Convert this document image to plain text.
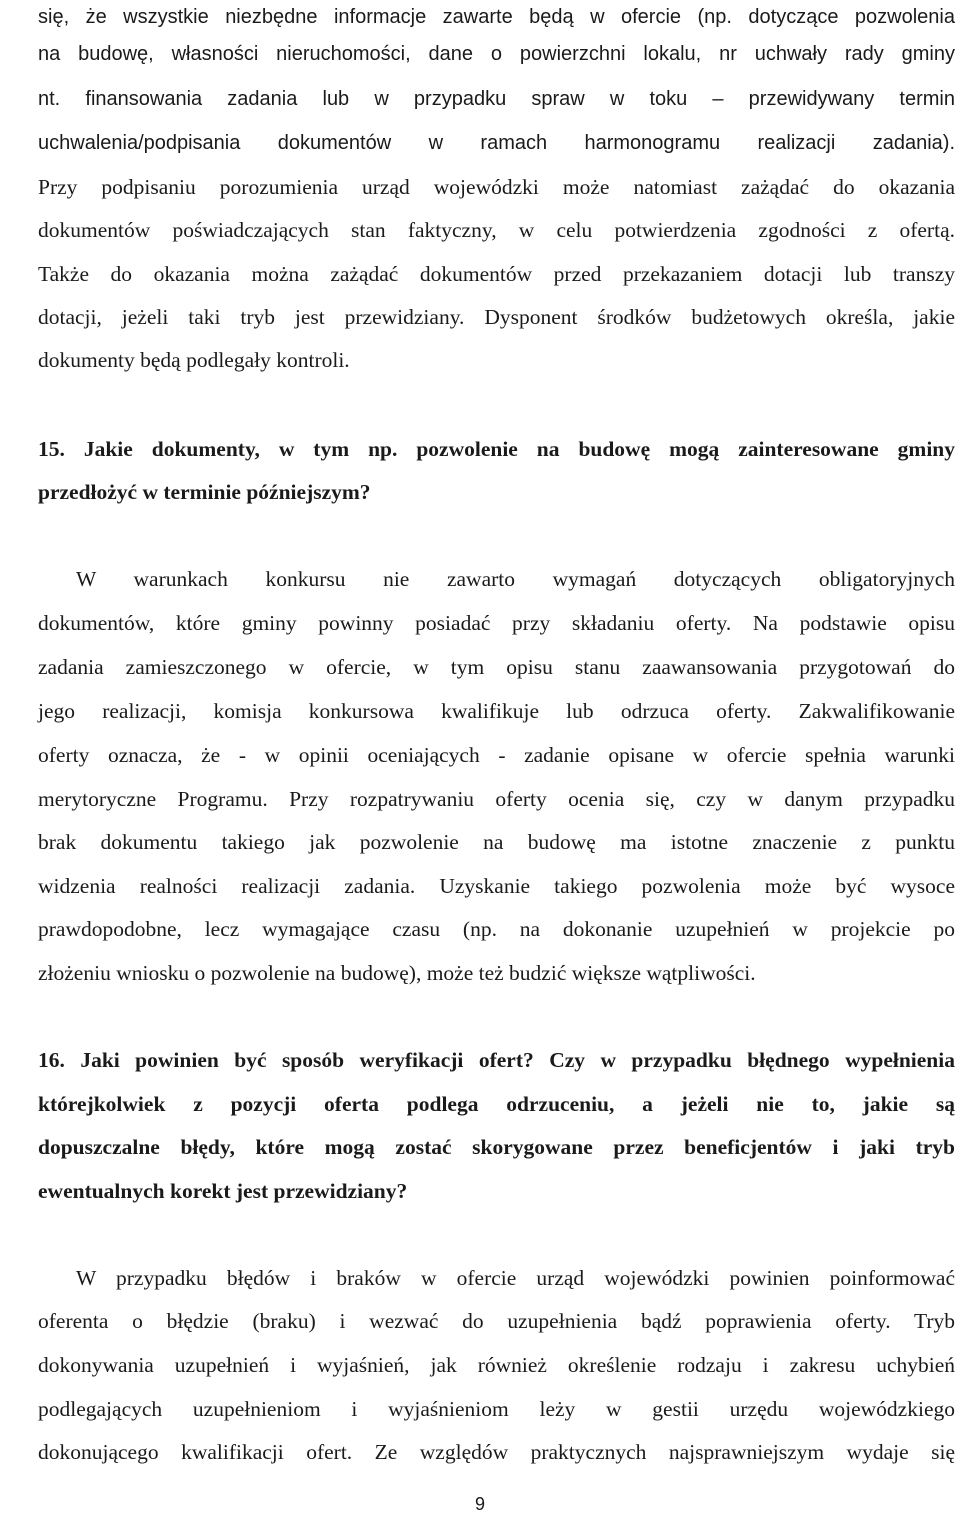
się, że wszystkie niezbędne informacje zawarte będą w ofercie (np. dotyczące pozwolenia
na budowę, własności nieruchomości, dane o powierzchni lokalu, nr uchwały rady gminy
nt. finansowania zadania lub w przypadku spraw w toku – przewidywany termin
uchwalenia/podpisania dokumentów w ramach harmonogramu realizacji zadania).
Przy podpisaniu porozumienia urząd wojewódzki może natomiast zażądać do okazania
dokumentów poświadczających stan faktyczny, w celu potwierdzenia zgodności z ofertą.
Także do okazania można zażądać dokumentów przed przekazaniem dotacji lub transzy
dotacji, jeżeli taki tryb jest przewidziany. Dysponent środków budżetowych określa, jakie
dokumenty będą podlegały kontroli.
15. Jakie dokumenty, w tym np. pozwolenie na budowę mogą zainteresowane gminy
przedłożyć w terminie późniejszym?
W warunkach konkursu nie zawarto wymagań dotyczących obligatoryjnych
dokumentów, które gminy powinny posiadać przy składaniu oferty. Na podstawie opisu
zadania zamieszczonego w ofercie, w tym opisu stanu zaawansowania przygotowań do
jego realizacji, komisja konkursowa kwalifikuje lub odrzuca oferty. Zakwalifikowanie
oferty oznacza, że - w opinii oceniających - zadanie opisane w ofercie spełnia warunki
merytoryczne Programu. Przy rozpatrywaniu oferty ocenia się, czy w danym przypadku
brak dokumentu takiego jak pozwolenie na budowę ma istotne znaczenie z punktu
widzenia realności realizacji zadania. Uzyskanie takiego pozwolenia może być wysoce
prawdopodobne, lecz wymagające czasu (np. na dokonanie uzupełnień w projekcie po
złożeniu wniosku o pozwolenie na budowę), może też budzić większe wątpliwości.
16. Jaki powinien być sposób weryfikacji ofert? Czy w przypadku błędnego wypełnienia
którejkolwiek z pozycji oferta podlega odrzuceniu, a jeżeli nie to, jakie są
dopuszczalne błędy, które mogą zostać skorygowane przez beneficjentów i jaki tryb
ewentualnych korekt jest przewidziany?
W przypadku błędów i braków w ofercie urząd wojewódzki powinien poinformować
oferenta o błędzie (braku) i wezwać do uzupełnienia bądź poprawienia oferty. Tryb
dokonywania uzupełnień i wyjaśnień, jak również określenie rodzaju i zakresu uchybień
podlegających uzupełnieniom i wyjaśnieniom leży w gestii urzędu wojewódzkiego
dokonującego kwalifikacji ofert. Ze względów praktycznych najsprawniejszym wydaje się
9
